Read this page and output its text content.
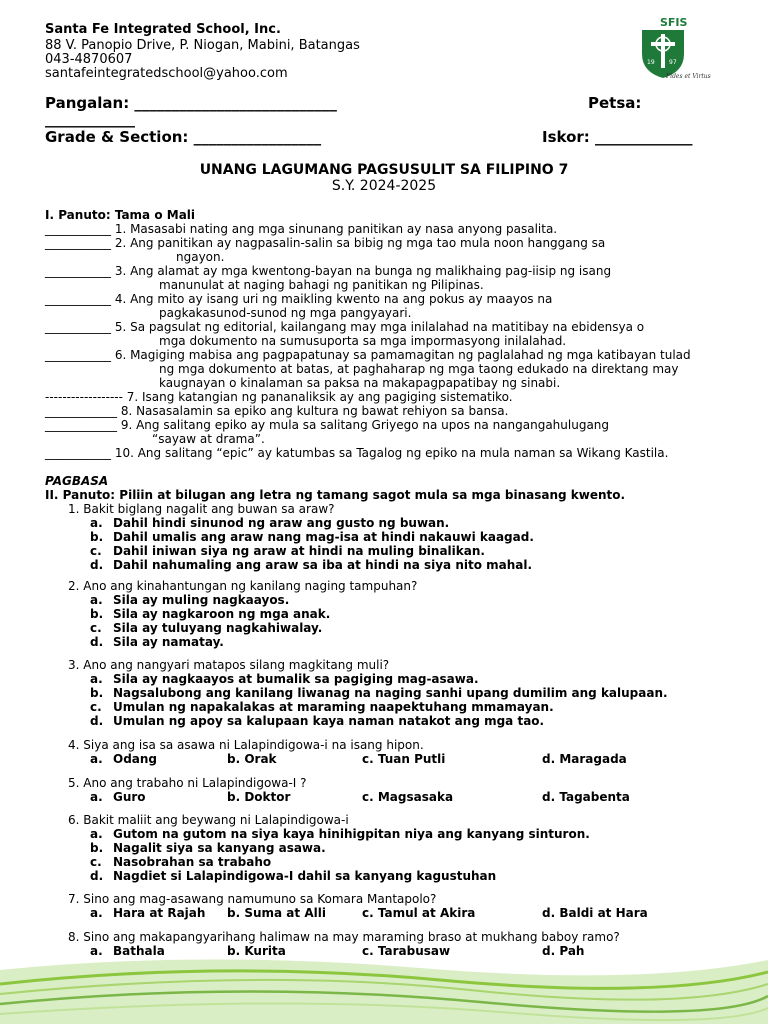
Santa Fe Integrated School, Inc.
88 V. Panopio Drive, P. Niogan, Mabini, Batangas
043-4870607
santafeintegratedschool@yahoo.com
SFIS
19 97
Fides et Virtus
Pangalan: ___________________________	Petsa:
____________
Grade & Section: _________________	Iskor: _____________
UNANG LAGUMANG PAGSUSULIT SA FILIPINO 7
S.Y. 2024-2025
I. Panuto: Tama o Mali
___________ 1. Masasabi nating ang mga sinunang panitikan ay nasa anyong pasalita.
___________ 2. Ang panitikan ay nagpasalin-salin sa bibig ng mga tao mula noon hanggang sa
ngayon.
___________ 3. Ang alamat ay mga kwentong-bayan na bunga ng malikhaing pag-iisip ng isang
manunulat at naging bahagi ng panitikan ng Pilipinas.
___________ 4. Ang mito ay isang uri ng maikling kwento na ang pokus ay maayos na
pagkakasunod-sunod ng mga pangyayari.
___________ 5. Sa pagsulat ng editorial, kailangang may mga inilalahad na matitibay na ebidensya o
mga dokumento na sumusuporta sa mga impormasyong inilalahad.
___________ 6. Magiging mabisa ang pagpapatunay sa pamamagitan ng paglalahad ng mga katibayan tulad
ng mga dokumento at batas, at paghaharap ng mga taong edukado na direktang may
kaugnayan o kinalaman sa paksa na makapagpapatibay ng sinabi.
------------------ 7. Isang katangian ng pananaliksik ay ang pagiging sistematiko.
____________ 8. Nasasalamin sa epiko ang kultura ng bawat rehiyon sa bansa.
____________ 9. Ang salitang epiko ay mula sa salitang Griyego na upos na nangangahulugang
“sayaw at drama”.
___________ 10. Ang salitang “epic” ay katumbas sa Tagalog ng epiko na mula naman sa Wikang Kastila.
PAGBASA
II. Panuto: Piliin at bilugan ang letra ng tamang sagot mula sa mga binasang kwento.
1. Bakit biglang nagalit ang buwan sa araw?
a. Dahil hindi sinunod ng araw ang gusto ng buwan.
b. Dahil umalis ang araw nang mag-isa at hindi nakauwi kaagad.
c. Dahil iniwan siya ng araw at hindi na muling binalikan.
d. Dahil nahumaling ang araw sa iba at hindi na siya nito mahal.
2. Ano ang kinahantungan ng kanilang naging tampuhan?
a. Sila ay muling nagkaayos.
b. Sila ay nagkaroon ng mga anak.
c. Sila ay tuluyang nagkahiwalay.
d. Sila ay namatay.
3. Ano ang nangyari matapos silang magkitang muli?
a. Sila ay nagkaayos at bumalik sa pagiging mag-asawa.
b. Nagsalubong ang kanilang liwanag na naging sanhi upang dumilim ang kalupaan.
c. Umulan ng napakalakas at maraming naapektuhang mmamayan.
d. Umulan ng apoy sa kalupaan kaya naman natakot ang mga tao.
4. Siya ang isa sa asawa ni Lalapindigowa-i na isang hipon.
a. Odang	b. Orak	c. Tuan Putli	d. Maragada
5. Ano ang trabaho ni Lalapindigowa-I ?
a. Guro	b. Doktor	c. Magsasaka	d. Tagabenta
6. Bakit maliit ang beywang ni Lalapindigowa-i
a. Gutom na gutom na siya kaya hinihigpitan niya ang kanyang sinturon.
b. Nagalit siya sa kanyang asawa.
c. Nasobrahan sa trabaho
d. Nagdiet si Lalapindigowa-I dahil sa kanyang kagustuhan
7. Sino ang mag-asawang namumuno sa Komara Mantapolo?
a. Hara at Rajah b. Suma at Alli	c. Tamul at Akira	d. Baldi at Hara
8. Sino ang makapangyarihang halimaw na may maraming braso at mukhang baboy ramo?
a. Bathala	b. Kurita	c. Tarabusaw	d. Pah
